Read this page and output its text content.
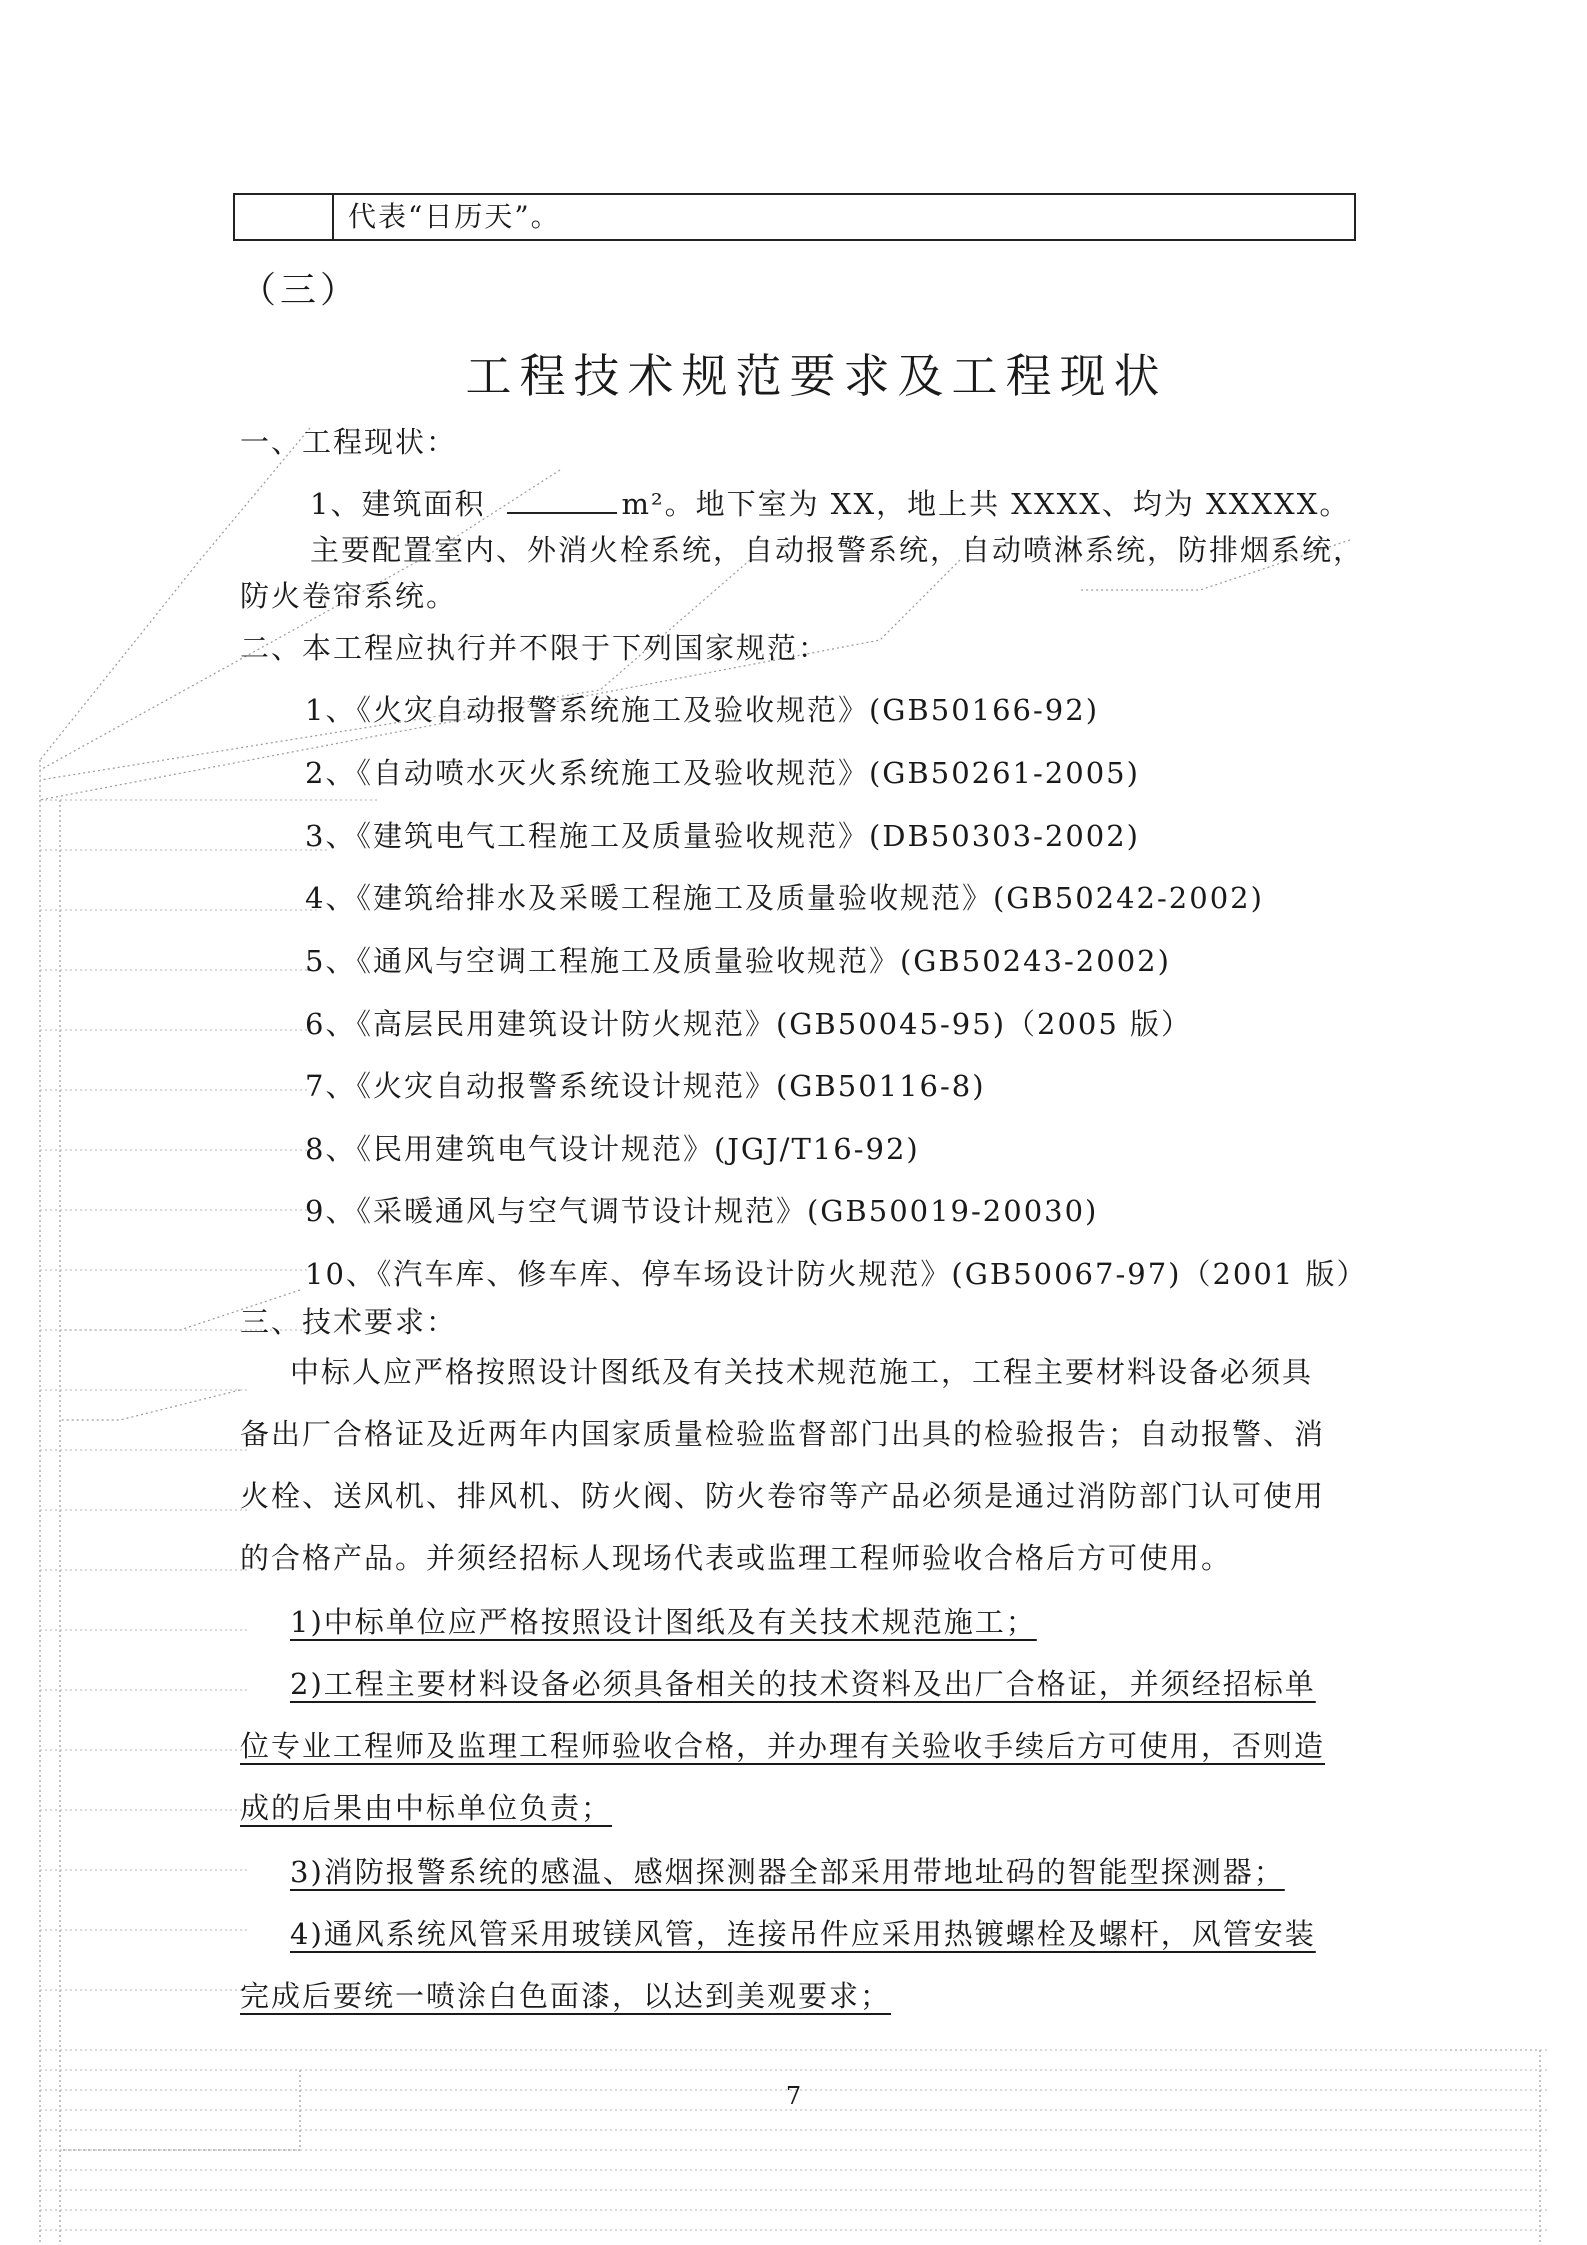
代表“日历天”。
（三）
工程技术规范要求及工程现状
一、工程现状：
1、建筑面积	m²。地下室为 XX，地上共 XXXX、均为 XXXXX。
主要配置室内、外消火栓系统，自动报警系统，自动喷淋系统，防排烟系统，
防火卷帘系统。
二、本工程应执行并不限于下列国家规范：
1、《火灾自动报警系统施工及验收规范》(GB50166-92)
2、《自动喷水灭火系统施工及验收规范》(GB50261-2005)
3、《建筑电气工程施工及质量验收规范》(DB50303-2002)
4、《建筑给排水及采暖工程施工及质量验收规范》(GB50242-2002)
5、《通风与空调工程施工及质量验收规范》(GB50243-2002)
6、《高层民用建筑设计防火规范》(GB50045-95)（2005 版）
7、《火灾自动报警系统设计规范》(GB50116-8)
8、《民用建筑电气设计规范》(JGJ/T16-92)
9、《采暖通风与空气调节设计规范》(GB50019-20030)
10、《汽车库、修车库、停车场设计防火规范》(GB50067-97)（2001 版）
三、技术要求：
中标人应严格按照设计图纸及有关技术规范施工，工程主要材料设备必须具
备出厂合格证及近两年内国家质量检验监督部门出具的检验报告；自动报警、消
火栓、送风机、排风机、防火阀、防火卷帘等产品必须是通过消防部门认可使用
的合格产品。并须经招标人现场代表或监理工程师验收合格后方可使用。
1)中标单位应严格按照设计图纸及有关技术规范施工；
2)工程主要材料设备必须具备相关的技术资料及出厂合格证，并须经招标单
位专业工程师及监理工程师验收合格，并办理有关验收手续后方可使用，否则造
成的后果由中标单位负责；
3)消防报警系统的感温、感烟探测器全部采用带地址码的智能型探测器；
4)通风系统风管采用玻镁风管，连接吊件应采用热镀螺栓及螺杆，风管安装
完成后要统一喷涂白色面漆，以达到美观要求；
7
